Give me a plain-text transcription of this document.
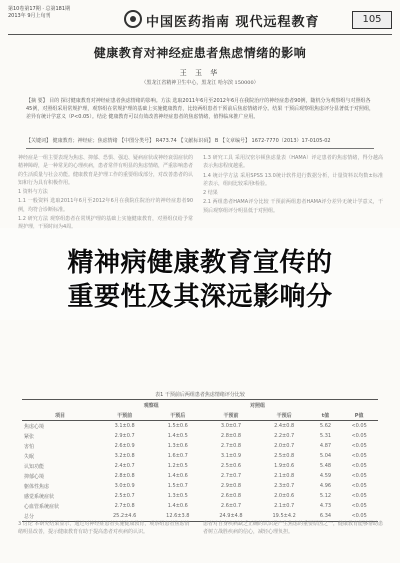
第10卷第17期 · 总第181期
2013年 9月上旬刊	中国医药指南 现代远程教育	105
健康教育对神经症患者焦虑情绪的影响
王 玉 华
（黑龙江省精神卫生中心，黑龙江 哈尔滨 150000）
【摘 要】 目的 探讨健康教育对神经症患者焦虑情绪的影响。方法 选取2011年6月至2012年6月在我院治疗的神经症患者90例，随机分为观察组与对照组各45例，对照组采用常规护理，观察组在常规护理的基础上实施健康教育，比较两组患者干预前后焦虑情绪评分。结果 干预后观察组焦虑评分显著低于对照组，差异有统计学意义（P<0.05）。结论 健康教育可以有效改善神经症患者的焦虑情绪，值得临床推广应用。
【关键词】 健康教育；神经症；焦虑情绪 【中图分类号】 R473.74 【文献标识码】 B 【文章编号】 1672-7770（2013）17-0105-02

神经症是一组主要表现为焦虑、抑郁、恐惧、强迫、疑病症状或神经衰弱症状的精神障碍，是一种常见的心理疾病，患者常伴有明显的焦虑情绪，严重影响患者的生活质量与社会功能。健康教育是护理工作的重要组成部分，对改善患者的认知和行为具有积极作用。

1 资料与方法

1.1 一般资料 选取2011年6月至2012年6月在我院住院治疗的神经症患者90例，均符合诊断标准。

1.2 研究方法 观察组患者在常规护理的基础上实施健康教育，对照组仅给予常规护理，干预时间为4周。

1.3 研究工具 采用汉密尔顿焦虑量表（HAMA）评定患者的焦虑情绪，得分越高表示焦虑程度越重。

1.4 统计学方法 采用SPSS 13.0统计软件进行数据分析，计量资料以均数±标准差表示，组间比较采用t检验。

2 结果

2.1 两组患者HAMA评分比较 干预前两组患者HAMA评分差异无统计学意义，干预后观察组评分明显低于对照组。

精神病健康教育宣传的
重要性及其深远影响分
表1 干预前后两组患者焦虑情绪评分比较
	观察组		对照组			
项目	干预前	干预后	干预前	干预后	t值	P值
焦虑心境	3.1±0.8	1.5±0.6	3.0±0.7	2.4±0.8	5.62	<0.05
紧张	2.9±0.7	1.4±0.5	2.8±0.8	2.2±0.7	5.31	<0.05
害怕	2.6±0.9	1.3±0.6	2.7±0.8	2.0±0.7	4.87	<0.05
失眠	3.2±0.8	1.6±0.7	3.1±0.9	2.5±0.8	5.04	<0.05
认知功能	2.4±0.7	1.2±0.5	2.5±0.6	1.9±0.6	5.48	<0.05
抑郁心境	2.8±0.8	1.4±0.6	2.7±0.7	2.1±0.8	4.59	<0.05
躯体性焦虑	3.0±0.9	1.5±0.7	2.9±0.8	2.3±0.7	4.96	<0.05
感觉系统症状	2.5±0.7	1.3±0.5	2.6±0.8	2.0±0.6	5.12	<0.05
心血管系统症状	2.7±0.8	1.4±0.6	2.6±0.7	2.1±0.7	4.73	<0.05
总分	25.2±4.6	12.6±3.8	24.9±4.8	19.5±4.2	6.34	<0.05
3 讨论 本研究结果显示，通过对神经症患者实施健康教育，观察组患者焦虑情绪明显改善，提示健康教育有助于提高患者对疾病的认识。
患者对自身疾病缺乏正确的认识是产生焦虑的重要原因之一，健康教育能够帮助患者树立战胜疾病的信心，减轻心理负担。
